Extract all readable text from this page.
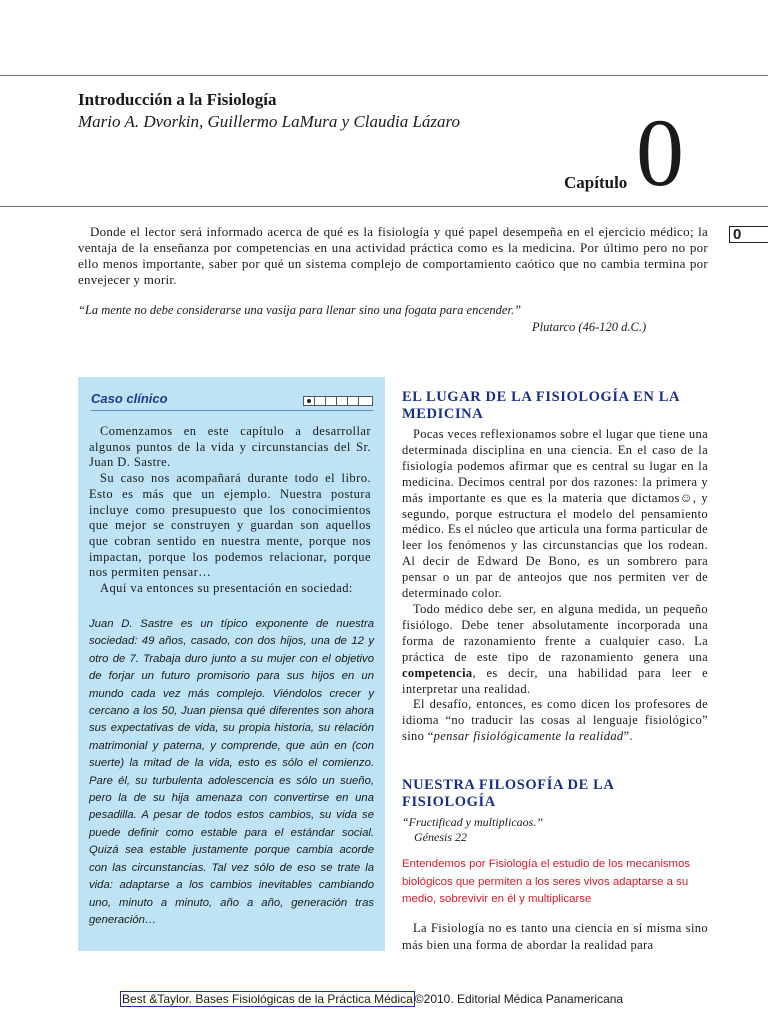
Introducción a la Fisiología
Mario A. Dvorkin, Guillermo LaMura y Claudia Lázaro
Capítulo 0
0

Donde el lector será informado acerca de qué es la fisiología y qué papel desempeña en el ejercicio médico; la ventaja de la enseñanza por competencias en una actividad práctica como es la medicina. Por último pero no por ello menos importante, saber por qué un sistema complejo de comportamiento caótico que no cambia termina por envejecer y morir.

“La mente no debe considerarse una vasija para llenar sino una fogata para encender.”
Plutarco (46-120 d.C.)
Caso clínico

Comenzamos en este capítulo a desarrollar algunos puntos de la vida y circunstancias del Sr. Juan D. Sastre.

Su caso nos acompañará durante todo el libro. Esto es más que un ejemplo. Nuestra postura incluye como presupuesto que los conocimientos que mejor se construyen y guardan son aquellos que cobran sentido en nuestra mente, porque nos impactan, porque los podemos relacionar, porque nos permiten pensar…

Aquí va entonces su presentación en sociedad:

Juan D. Sastre es un típico exponente de nuestra sociedad: 49 años, casado, con dos hijos, una de 12 y otro de 7. Trabaja duro junto a su mujer con el objetivo de forjar un futuro promisorio para sus hijos en un mundo cada vez más complejo. Viéndolos crecer y cercano a los 50, Juan piensa qué diferentes son ahora sus expectativas de vida, su propia historia, su relación matrimonial y paterna, y comprende, que aún en (con suerte) la mitad de la vida, esto es sólo el comienzo. Pare él, su turbulenta adolescencia es sólo un sueño, pero la de su hija amenaza con convertirse en una pesadilla. A pesar de todos estos cambios, su vida se puede definir como estable para el estándar social. Quizá sea estable justamente porque cambia acorde con las circunstancias. Tal vez sólo de eso se trate la vida: adaptarse a los cambios inevitables cambiando uno, minuto a minuto, año a año, generación tras generación…

EL LUGAR DE LA FISIOLOGÍA EN LA MEDICINA

Pocas veces reflexionamos sobre el lugar que tiene una determinada disciplina en una ciencia. En el caso de la fisiología podemos afirmar que es central su lugar en la medicina. Decimos central por dos razones: la primera y más importante es que es la materia que dictamos☺, y segundo, porque estructura el modelo del pensamiento médico. Es el núcleo que articula una forma particular de leer los fenómenos y las circunstancias que los rodean. Al decir de Edward De Bono, es un sombrero para pensar o un par de anteojos que nos permiten ver de determinado color.

Todo médico debe ser, en alguna medida, un pequeño fisiólogo. Debe tener absolutamente incorporada una forma de razonamiento frente a cualquier caso. La práctica de este tipo de razonamiento genera una competencia, es decir, una habilidad para leer e interpretar una realidad.

El desafío, entonces, es como dicen los profesores de idioma “no traducir las cosas al lenguaje fisiológico” sino “pensar fisiológicamente la realidad”.

NUESTRA FILOSOFÍA DE LA FISIOLOGÍA
“Fructificad y multiplicaos.”
Génesis 22
Entendemos por Fisiología el estudio de los mecanismos biológicos que permiten a los seres vivos adaptarse a su medio, sobrevivir en él y multiplicarse

La Fisiología no es tanto una ciencia en sí misma sino más bien una forma de abordar la realidad para

Best &Taylor. Bases Fisiológicas de la Práctica Médica ©2010. Editorial Médica Panamericana
